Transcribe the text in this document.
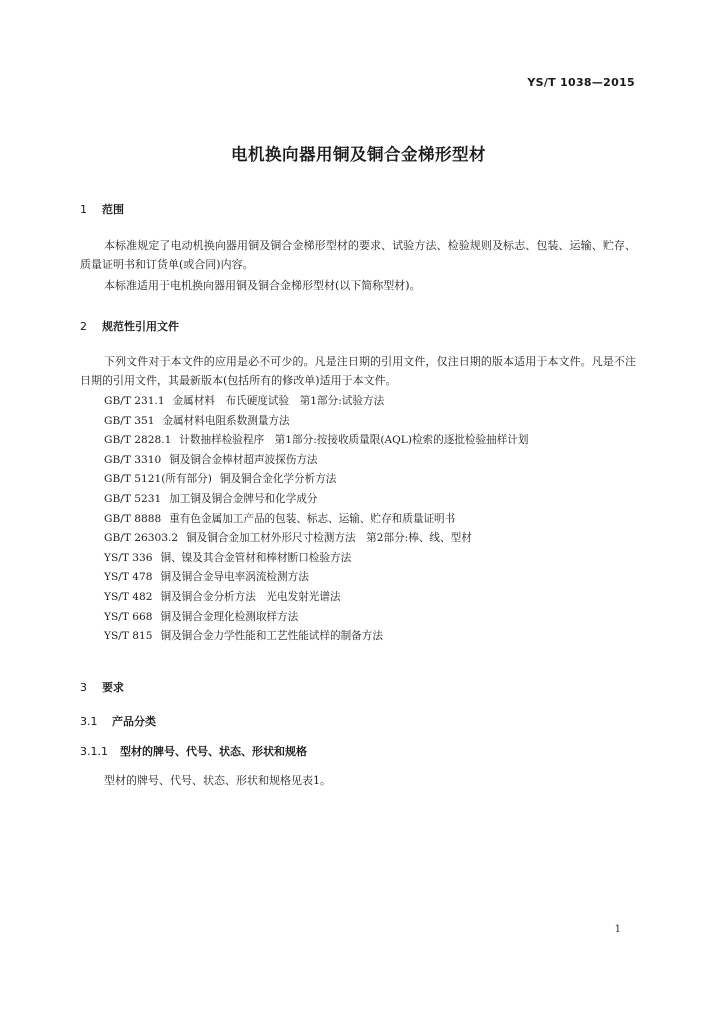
YS/T 1038—2015
电机换向器用铜及铜合金梯形型材
1 范围

本标准规定了电动机换向器用铜及铜合金梯形型材的要求、试验方法、检验规则及标志、包装、运输、贮存、质量证明书和订货单(或合同)内容。

本标准适用于电机换向器用铜及铜合金梯形型材(以下简称型材)。

2 规范性引用文件

下列文件对于本文件的应用是必不可少的。凡是注日期的引用文件，仅注日期的版本适用于本文件。凡是不注日期的引用文件，其最新版本(包括所有的修改单)适用于本文件。

GB/T 231.1 金属材料　布氏硬度试验　第1部分:试验方法
GB/T 351 金属材料电阻系数测量方法
GB/T 2828.1 计数抽样检验程序　第1部分:按接收质量限(AQL)检索的逐批检验抽样计划
GB/T 3310 铜及铜合金棒材超声波探伤方法
GB/T 5121(所有部分) 铜及铜合金化学分析方法
GB/T 5231 加工铜及铜合金牌号和化学成分
GB/T 8888 重有色金属加工产品的包装、标志、运输、贮存和质量证明书
GB/T 26303.2 铜及铜合金加工材外形尺寸检测方法　第2部分:棒、线、型材
YS/T 336 铜、镍及其合金管材和棒材断口检验方法
YS/T 478 铜及铜合金导电率涡流检测方法
YS/T 482 铜及铜合金分析方法　光电发射光谱法
YS/T 668 铜及铜合金理化检测取样方法
YS/T 815 铜及铜合金力学性能和工艺性能试样的制备方法
3 要求
3.1 产品分类
3.1.1 型材的牌号、代号、状态、形状和规格

型材的牌号、代号、状态、形状和规格见表1。

1
